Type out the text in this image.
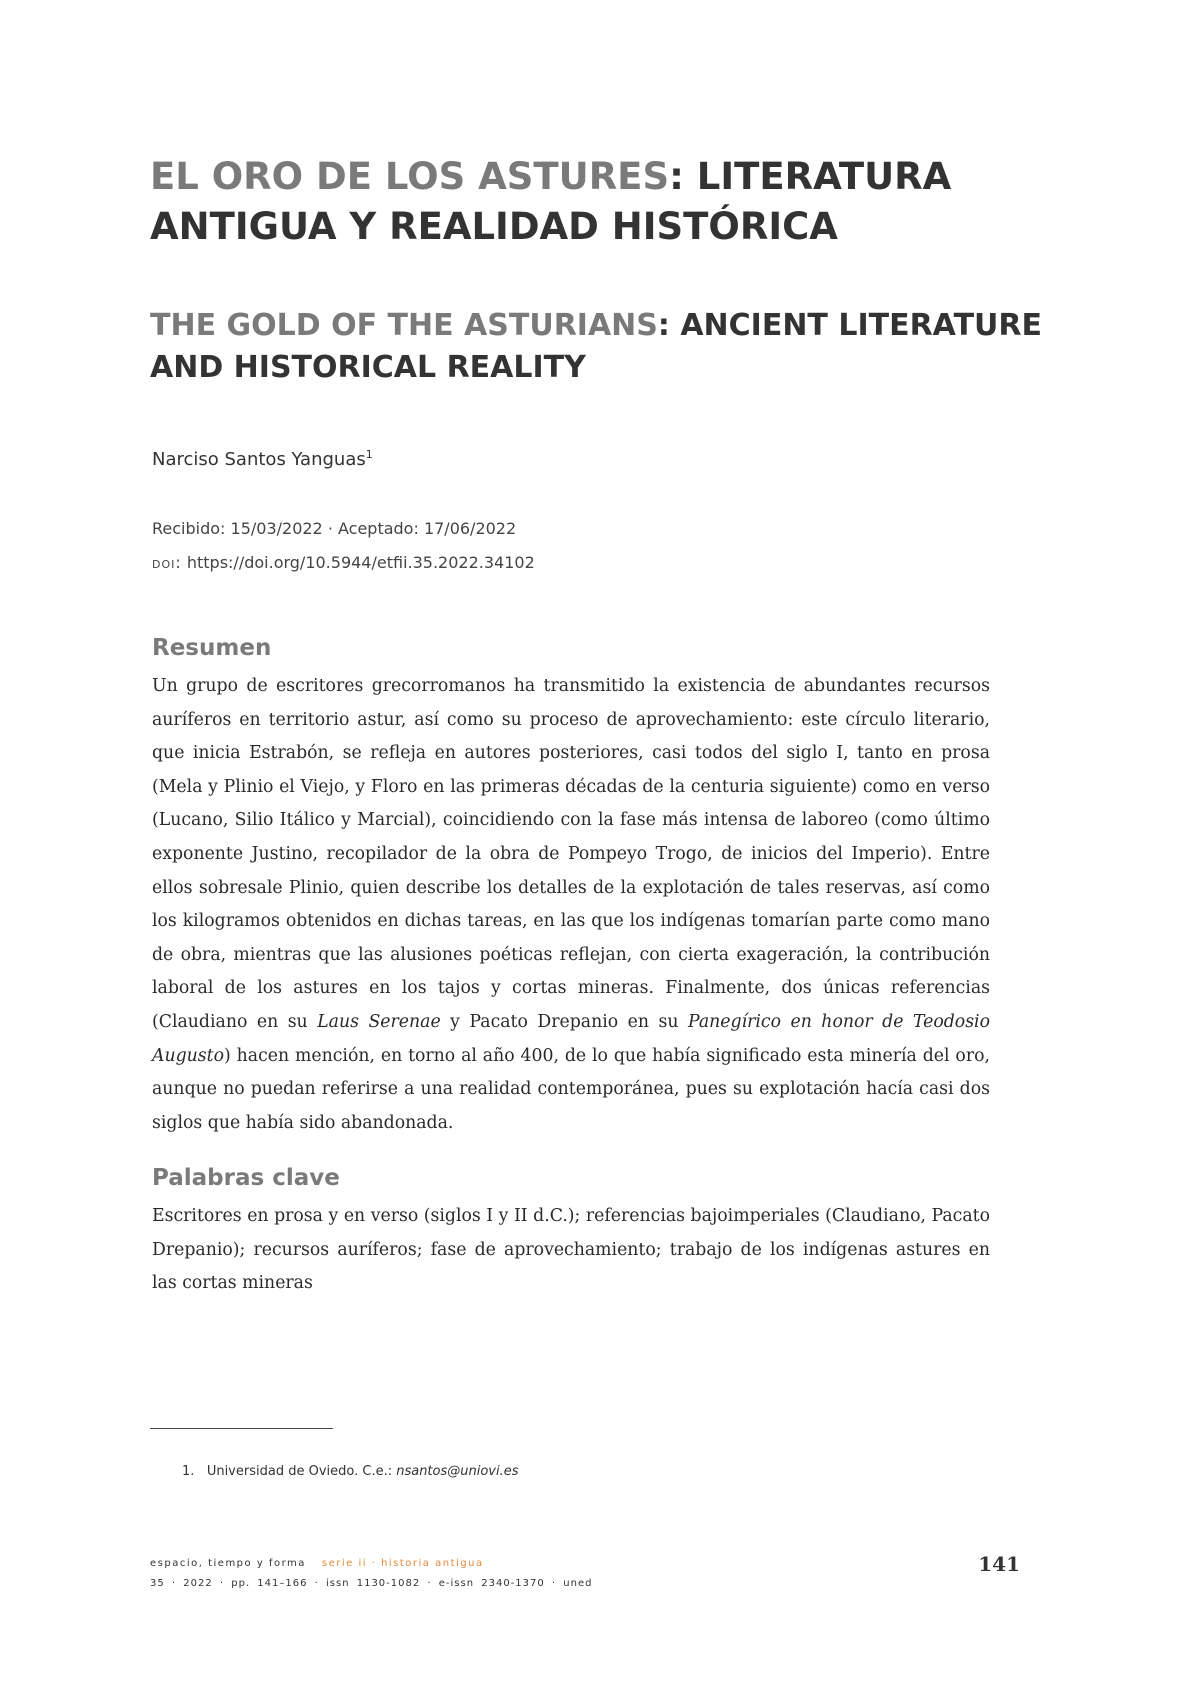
EL ORO DE LOS ASTURES: LITERATURA ANTIGUA Y REALIDAD HISTÓRICA
THE GOLD OF THE ASTURIANS: ANCIENT LITERATURE AND HISTORICAL REALITY
Narciso Santos Yanguas$^1$
Recibido: 15/03/2022 · Aceptado: 17/06/2022
doi: https://doi.org/10.5944/etfii.35.2022.34102
Resumen

Un grupo de escritores grecorromanos ha transmitido la existencia de abundantes recursos auríferos en territorio astur, así como su proceso de aprovechamiento: este círculo literario, que inicia Estrabón, se refleja en autores posteriores, casi todos del siglo I, tanto en prosa (Mela y Plinio el Viejo, y Floro en las primeras décadas de la centuria siguiente) como en verso (Lucano, Silio Itálico y Marcial), coincidiendo con la fase más intensa de laboreo (como último exponente Justino, recopilador de la obra de Pompeyo Trogo, de inicios del Imperio). Entre ellos sobresale Plinio, quien describe los detalles de la explotación de tales reservas, así como los kilogramos obtenidos en dichas tareas, en las que los indígenas tomarían parte como mano de obra, mientras que las alusiones poéticas reflejan, con cierta exageración, la contribución laboral de los astures en los tajos y cortas mineras. Finalmente, dos únicas referencias (Claudiano en su Laus Serenae y Pacato Drepanio en su Panegírico en honor de Teodosio Augusto) hacen mención, en torno al año 400, de lo que había significado esta minería del oro, aunque no puedan referirse a una realidad contemporánea, pues su explotación hacía casi dos siglos que había sido abandonada.

Palabras clave

Escritores en prosa y en verso (siglos I y II d.C.); referencias bajoimperiales (Claudiano, Pacato Drepanio); recursos auríferos; fase de aprovechamiento; trabajo de los indígenas astures en las cortas mineras

1. Universidad de Oviedo. C.e.: nsantos@uniovi.es
espacio, tiempo y forma serie ii · historia antigua
35 · 2022 · pp. 141–166 · issn 1130-1082 · e-issn 2340-1370 · uned
141
